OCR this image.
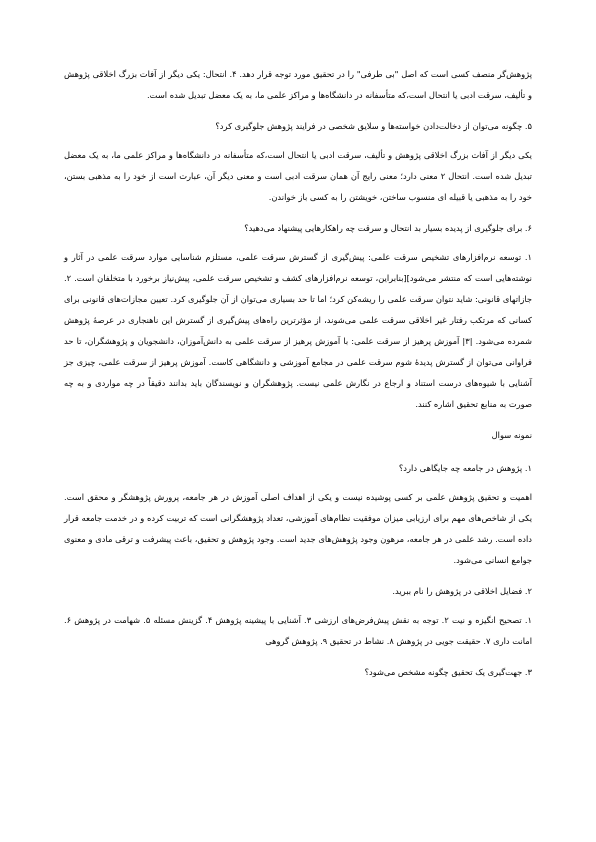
پژوهش‌گر منصف کسی است که اصل "بی طرفی" را در تحقیق مورد توجه قرار دهد. ۴. انتحال: یکی دیگر از آفات بزرگ اخلاقی پژوهش و تألیف، سرقت ادبی یا انتحال است،که متأسفانه در دانشگاه‌ها و مراکز علمی ما، به یک معضل تبدیل شده است.

۵. چگونه می‌توان از دخالت‌دادن خواسته‌ها و سلایق شخصی در فرایند پژوهش جلوگیری کرد؟

یکی دیگر از آفات بزرگ اخلاقی پژوهش و تألیف، سرقت ادبی یا انتحال است،که متأسفانه در دانشگاه‌ها و مراکز علمی ما، به یک معضل تبدیل شده است. انتحال ۲ معنی دارد؛ معنی رایج آن همان سرقت ادبی است و معنی دیگر آن، عبارت است از خود را به مذهبی بستن، خود را به مذهبی یا قبیله ای منسوب ساختن، خویشتن را به کسی باز خواندن.

۶. برای جلوگیری از پدیده بسیار بد انتحال و سرقت چه راهکارهایی پیشنهاد می‌دهید؟

۱. توسعه نرم‌افزارهای تشخیص سرقت علمی: پیش‌گیری از گسترش سرقت علمی، مستلزم شناسایی موارد سرقت علمی در آثار و نوشته‌هایی است که منتشر می‌شود][بنابراین، توسعه نرم‌افزارهای کشف و تشخیص سرقت علمی، پیش‌نیاز برخورد با متخلفان است. ۲. جازاتهای قانونی: شاید نتوان سرقت علمی را ریشه‌کن کرد؛ اما تا حد بسیاری می‌توان از آن جلوگیری کرد. تعیین مجازات‌های قانونی برای کسانی که مرتکب رفتار غیر اخلاقی سرقت علمی می‌شوند، از مؤثرترین راه‌های پیش‌گیری از گسترش این ناهنجاری در عرصهٔ پژوهش شمرده می‌شود. |۳| آموزش پرهیز از سرقت علمی: با آموزش پرهیز از سرقت علمی به دانش‌آموزان، دانشجویان و پژوهشگران، تا حد فراوانی می‌توان از گسترش پدیدهٔ شوم سرقت علمی در مجامع آموزشی و دانشگاهی کاست. آموزش پرهیز از سرقت علمی، چیزی جز آشنایی با شیوه‌های درست استناد و ارجاع در نگارش علمی نیست. پژوهشگران و نویسندگان باید بدانند دقیقاً در چه مواردی و به چه صورت به منابع تحقیق اشاره کنند.

نمونه سوال

۱. پژوهش در جامعه چه جایگاهی دارد؟

اهمیت و تحقیق پژوهش علمی بر کسی پوشیده نیست و یکی از اهداف اصلی آموزش در هر جامعه، پرورش پژوهشگر و محقق است. یکی از شاخص‌های مهم برای ارزیابی میزان موفقیت نظام‌های آموزشی، تعداد پژوهشگرانی است که تربیت کرده و در خدمت جامعه قرار داده است. رشد علمی در هر جامعه، مرهون وجود پژوهش‌های جدید است. وجود پژوهش و تحقیق، باعث پیشرفت و ترقی مادی و معنوی جوامع انسانی می‌شود.

۲. فضایل اخلاقی در پژوهش را نام ببرید.

۱. تصحیح انگیزه و نیت ۲. توجه به نقش پیش‌فرض‌های ارزشی ۳. آشنایی با پیشینه پژوهش ۴. گزینش مسئله ۵. شهامت در پژوهش ۶. امانت داری ۷. حقیقت جویی در پژوهش ۸. نشاط در تحقیق ۹. پژوهش گروهی

۳. جهت‌گیری یک تحقیق چگونه مشخص می‌شود؟
